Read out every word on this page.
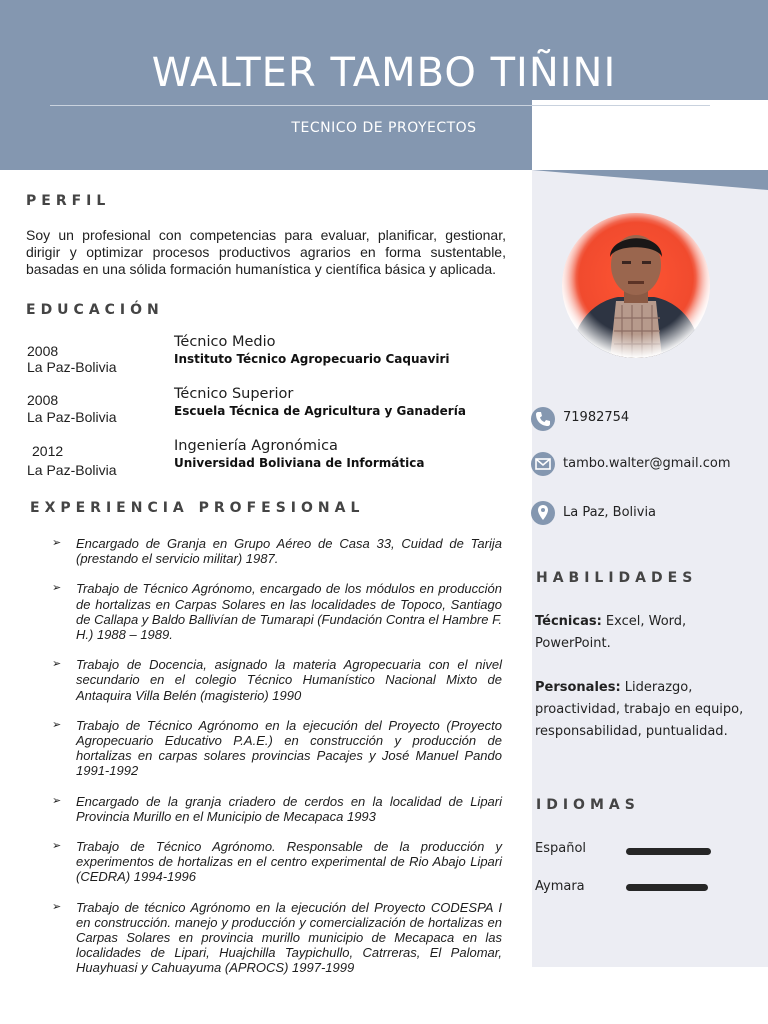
WALTER TAMBO TIÑINI
TECNICO DE PROYECTOS
PERFIL
Soy un profesional con competencias para evaluar, planificar, gestionar, dirigir y optimizar procesos productivos agrarios en forma sustentable, basadas en una sólida formación humanística y científica básica y aplicada.
EDUCACIÓN
2008
La Paz-Bolivia
Técnico Medio
Instituto Técnico Agropecuario Caquaviri
2008
La Paz-Bolivia
Técnico Superior
Escuela Técnica de Agricultura y Ganadería
2012
La Paz-Bolivia
Ingeniería Agronómica
Universidad Boliviana de Informática
EXPERIENCIA PROFESIONAL
➢ Encargado de Granja en Grupo Aéreo de Casa 33, Cuidad de Tarija (prestando el servicio militar) 1987.
➢ Trabajo de Técnico Agrónomo, encargado de los módulos en producción de hortalizas en Carpas Solares en las localidades de Topoco, Santiago de Callapa y Baldo Ballivían de Tumarapi (Fundación Contra el Hambre F. H.) 1988 – 1989.
➢ Trabajo de Docencia, asignado la materia Agropecuaria con el nivel secundario en el colegio Técnico Humanístico Nacional Mixto de Antaquira Villa Belén (magisterio) 1990
➢ Trabajo de Técnico Agrónomo en la ejecución del Proyecto (Proyecto Agropecuario Educativo P.A.E.) en construcción y producción de hortalizas en carpas solares provincias Pacajes y José Manuel Pando 1991-1992
➢ Encargado de la granja criadero de cerdos en la localidad de Lipari Provincia Murillo en el Municipio de Mecapaca 1993
➢ Trabajo de Técnico Agrónomo. Responsable de la producción y experimentos de hortalizas en el centro experimental de Rio Abajo Lipari (CEDRA) 1994-1996
➢ Trabajo de técnico Agrónomo en la ejecución del Proyecto CODESPA I en construcción. manejo y producción y comercialización de hortalizas en Carpas Solares en provincia murillo municipio de Mecapaca en las localidades de Lipari, Huajchilla Taypichullo, Catrreras, El Palomar, Huayhuasi y Cahuayuma (APROCS) 1997-1999
71982754
tambo.walter@gmail.com
La Paz, Bolivia
HABILIDADES
Técnicas: Excel, Word, PowerPoint.
Personales: Liderazgo, proactividad, trabajo en equipo, responsabilidad, puntualidad.
IDIOMAS
Español
Aymara
